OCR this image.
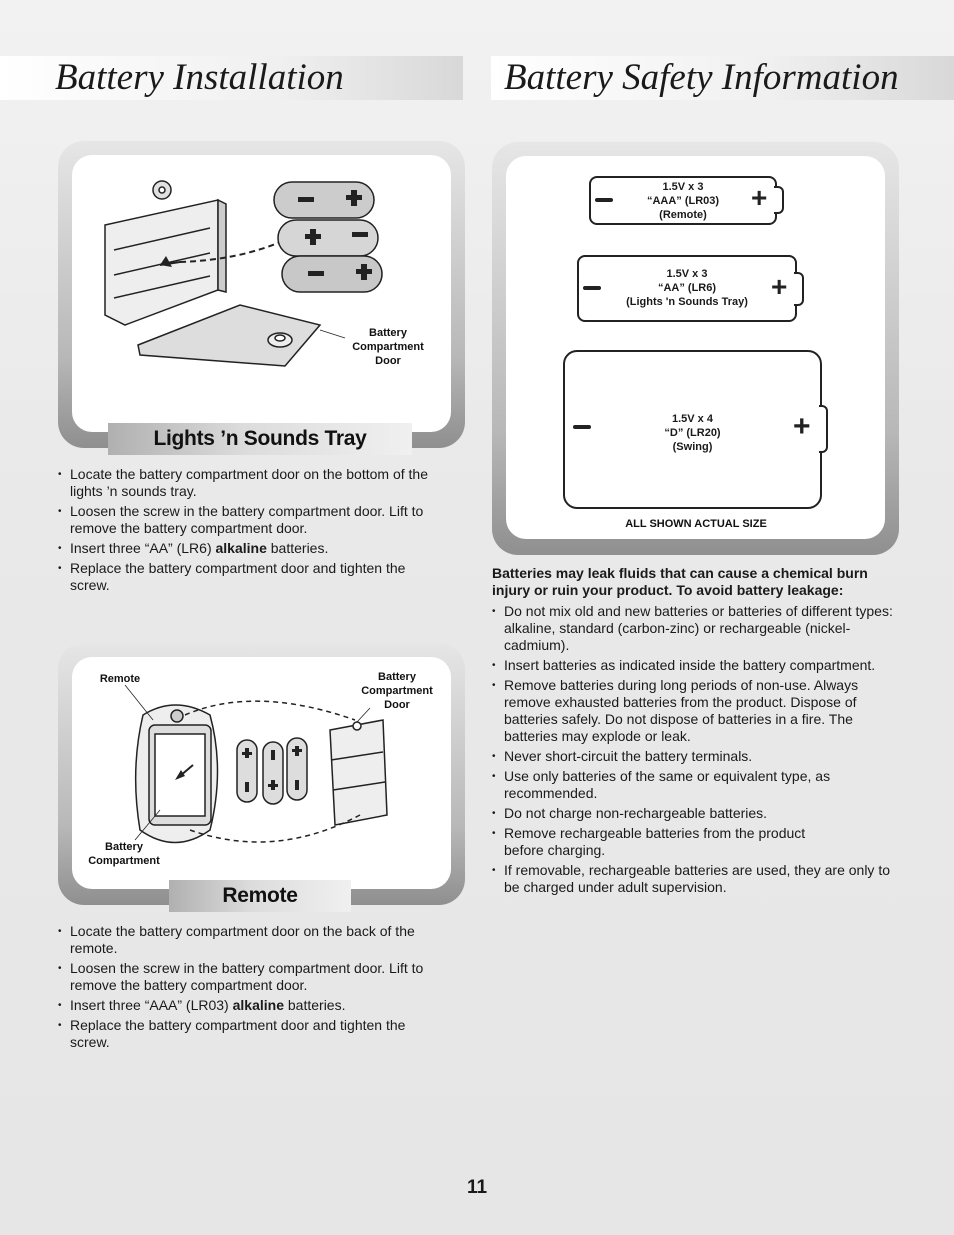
Battery Installation	Battery Safety Information
Battery
Compartment
Door
Lights ’n Sounds Tray
• Locate the battery compartment door on the bottom of the lights ’n sounds tray.
• Loosen the screw in the battery compartment door. Lift to remove the battery compartment door.
• Insert three “AA” (LR6) alkaline batteries.
• Replace the battery compartment door and tighten the screw.
Remote	Battery
Compartment
Door
Battery
Compartment
Remote
• Locate the battery compartment door on the back of the remote.
• Loosen the screw in the battery compartment door. Lift to remove the battery compartment door.
• Insert three “AAA” (LR03) alkaline batteries.
• Replace the battery compartment door and tighten the screw.
1.5V x 3
“AAA” (LR03)
(Remote)
+
1.5V x 3
“AA” (LR6)
(Lights 'n Sounds Tray) +
1.5V x 4
“D” (LR20)
(Swing)
+
ALL SHOWN ACTUAL SIZE
Batteries may leak fluids that can cause a chemical burn injury or ruin your product. To avoid battery leakage:
• Do not mix old and new batteries or batteries of different types: alkaline, standard (carbon-zinc) or rechargeable (nickel-cadmium).
• Insert batteries as indicated inside the battery compartment.
• Remove batteries during long periods of non-use. Always remove exhausted batteries from the product. Dispose of batteries safely. Do not dispose of batteries in a fire. The batteries may explode or leak.
• Never short-circuit the battery terminals.
• Use only batteries of the same or equivalent type, as recommended.
• Do not charge non-rechargeable batteries.
• Remove rechargeable batteries from the product before charging.
• If removable, rechargeable batteries are used, they are only to be charged under adult supervision.
11
